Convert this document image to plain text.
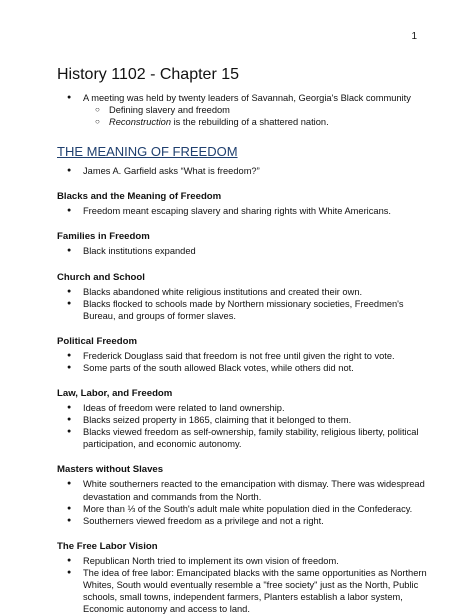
1
History 1102 - Chapter 15
● A meeting was held by twenty leaders of Savannah, Georgia's Black community
○ Defining slavery and freedom
○ Reconstruction is the rebuilding of a shattered nation.
THE MEANING OF FREEDOM
● James A. Garfield asks “What is freedom?”
Blacks and the Meaning of Freedom
● Freedom meant escaping slavery and sharing rights with White Americans.
Families in Freedom
● Black institutions expanded
Church and School
● Blacks abandoned white religious institutions and created their own.
● Blacks flocked to schools made by Northern missionary societies, Freedmen's Bureau, and groups of former slaves.
Political Freedom
● Frederick Douglass said that freedom is not free until given the right to vote.
● Some parts of the south allowed Black votes, while others did not.
Law, Labor, and Freedom
● Ideas of freedom were related to land ownership.
● Blacks seized property in 1865, claiming that it belonged to them.
● Blacks viewed freedom as self-ownership, family stability, religious liberty, political participation, and economic autonomy.
Masters without Slaves
● White southerners reacted to the emancipation with dismay. There was widespread devastation and commands from the North.
● More than ⅓ of the South's adult male white population died in the Confederacy.
● Southerners viewed freedom as a privilege and not a right.
The Free Labor Vision
● Republican North tried to implement its own vision of freedom.
● The idea of free labor: Emancipated blacks with the same opportunities as Northern Whites, South would eventually resemble a "free society" just as the North, Public schools, small towns, independent farmers, Planters establish a labor system, Economic autonomy and access to land.
